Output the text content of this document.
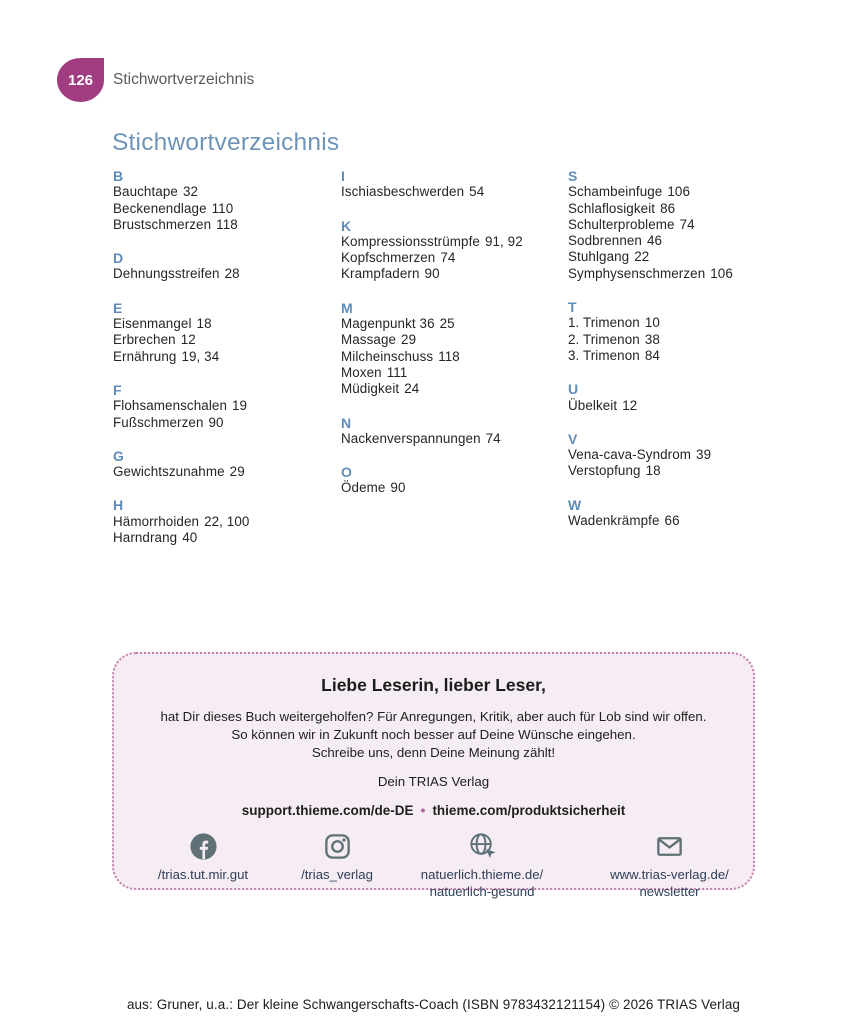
126	Stichwortverzeichnis
Stichwortverzeichnis
B
Bauchtape 32
Beckenendlage 110
Brustschmerzen 118
D
Dehnungsstreifen 28
E
Eisenmangel 18
Erbrechen 12
Ernährung 19, 34
F
Flohsamenschalen 19
Fußschmerzen 90
G
Gewichtszunahme 29
H
Hämorrhoiden 22, 100
Harndrang 40
I
Ischiasbeschwerden 54
K
Kompressionsstrümpfe 91, 92
Kopfschmerzen 74
Krampfadern 90
M
Magenpunkt 36 25
Massage 29
Milcheinschuss 118
Moxen 111
Müdigkeit 24
N
Nackenverspannungen 74
O
Ödeme 90
S
Schambeinfuge 106
Schlaflosigkeit 86
Schulterprobleme 74
Sodbrennen 46
Stuhlgang 22
Symphysenschmerzen 106
T
1. Trimenon 10
2. Trimenon 38
3. Trimenon 84
U
Übelkeit 12
V
Vena-cava-Syndrom 39
Verstopfung 18
W
Wadenkrämpfe 66
Liebe Leserin, lieber Leser,
hat Dir dieses Buch weitergeholfen? Für Anregungen, Kritik, aber auch für Lob sind wir offen.
So können wir in Zukunft noch besser auf Deine Wünsche eingehen.
Schreibe uns, denn Deine Meinung zählt!
Dein TRIAS Verlag
support.thieme.com/de-DE • thieme.com/produktsicherheit
/trias.tut.mir.gut	/trias_verlag	natuerlich.thieme.de/
natuerlich-gesund
www.trias-verlag.de/
newsletter
aus: Gruner, u.a.: Der kleine Schwangerschafts-Coach (ISBN 9783432121154) © 2026 TRIAS Verlag
